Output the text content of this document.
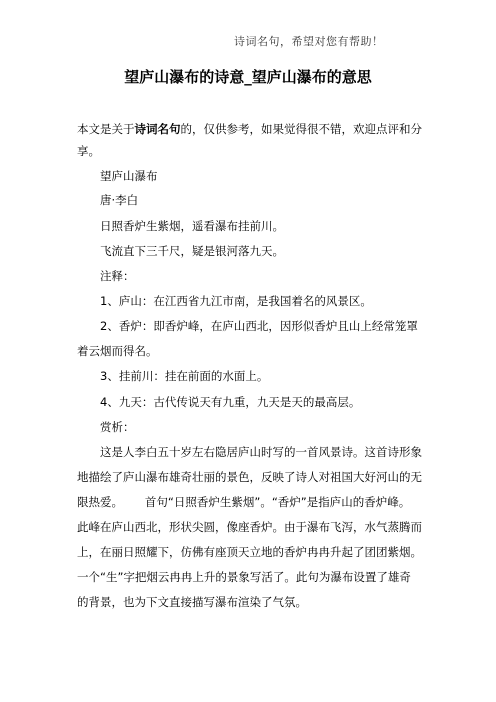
诗词名句，希望对您有帮助！
望庐山瀑布的诗意_望庐山瀑布的意思
本文是关于诗词名句的，仅供参考，如果觉得很不错，欢迎点评和分
享。
望庐山瀑布
唐·李白
日照香炉生紫烟，遥看瀑布挂前川。
飞流直下三千尺，疑是银河落九天。
注释：
1、庐山：在江西省九江市南，是我国着名的风景区。
2、香炉：即香炉峰，在庐山西北，因形似香炉且山上经常笼罩
着云烟而得名。
3、挂前川：挂在前面的水面上。
4、九天：古代传说天有九重，九天是天的最高层。
赏析：
这是人李白五十岁左右隐居庐山时写的一首风景诗。这首诗形象
地描绘了庐山瀑布雄奇壮丽的景色，反映了诗人对祖国大好河山的无
限热爱。      首句“日照香炉生紫烟”。“香炉”是指庐山的香炉峰。
此峰在庐山西北，形状尖圆，像座香炉。由于瀑布飞泻，水气蒸腾而
上，在丽日照耀下，仿佛有座顶天立地的香炉冉冉升起了团团紫烟。
一个“生”字把烟云冉冉上升的景象写活了。此句为瀑布设置了雄奇
的背景，也为下文直接描写瀑布渲染了气氛。
